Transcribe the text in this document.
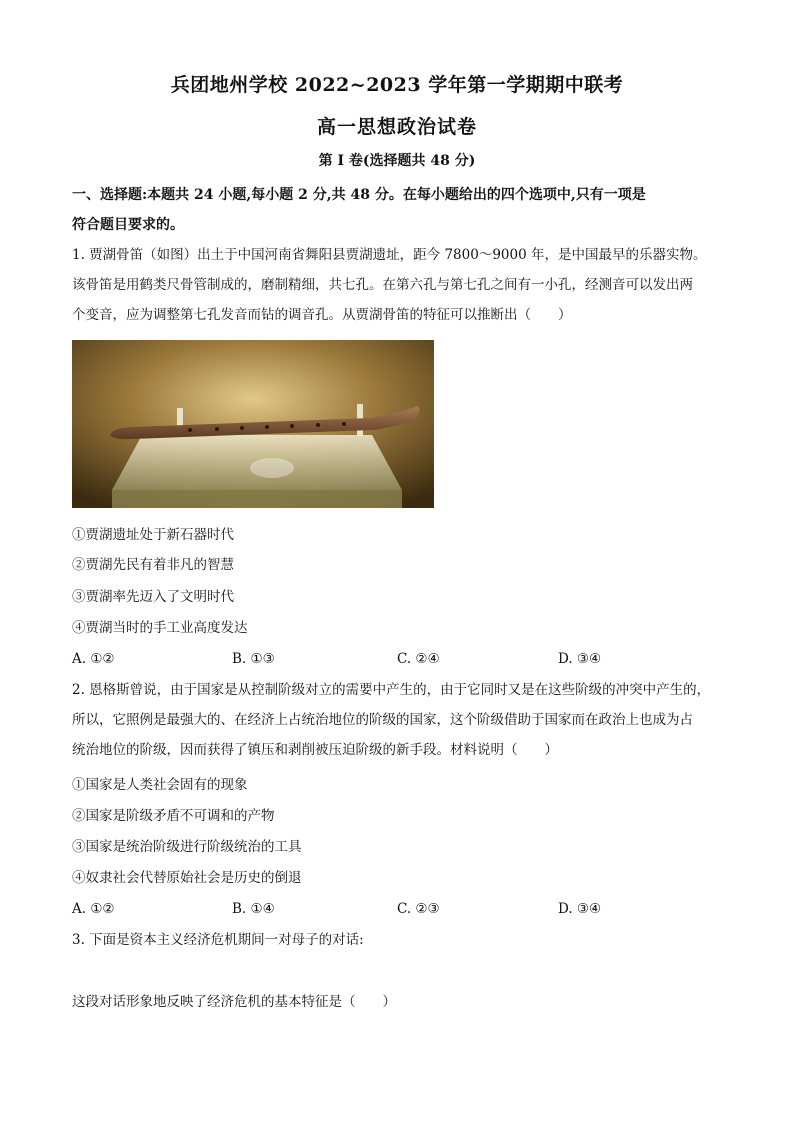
兵团地州学校 2022~2023 学年第一学期期中联考
高一思想政治试卷
第 I 卷(选择题共 48 分)
一、选择题:本题共 24 小题,每小题 2 分,共 48 分。在每小题给出的四个选项中,只有一项是
符合题目要求的。
1. 贾湖骨笛（如图）出土于中国河南省舞阳县贾湖遗址，距今 7800～9000 年，是中国最早的乐器实物。
该骨笛是用鹤类尺骨管制成的，磨制精细，共七孔。在第六孔与第七孔之间有一小孔，经测音可以发出两
个变音，应为调整第七孔发音而钻的调音孔。从贾湖骨笛的特征可以推断出（　　）
①贾湖遗址处于新石器时代
②贾湖先民有着非凡的智慧
③贾湖率先迈入了文明时代
④贾湖当时的手工业高度发达
A. ①②	B. ①③	C. ②④	D. ③④
2. 恩格斯曾说，由于国家是从控制阶级对立的需要中产生的，由于它同时又是在这些阶级的冲突中产生的，
所以，它照例是最强大的、在经济上占统治地位的阶级的国家，这个阶级借助于国家而在政治上也成为占
统治地位的阶级，因而获得了镇压和剥削被压迫阶级的新手段。材料说明（　　）
①国家是人类社会固有的现象
②国家是阶级矛盾不可调和的产物
③国家是统治阶级进行阶级统治的工具
④奴隶社会代替原始社会是历史的倒退
A. ①②	B. ①④	C. ②③	D. ③④
3. 下面是资本主义经济危机期间一对母子的对话:
这段对话形象地反映了经济危机的基本特征是（　　）
